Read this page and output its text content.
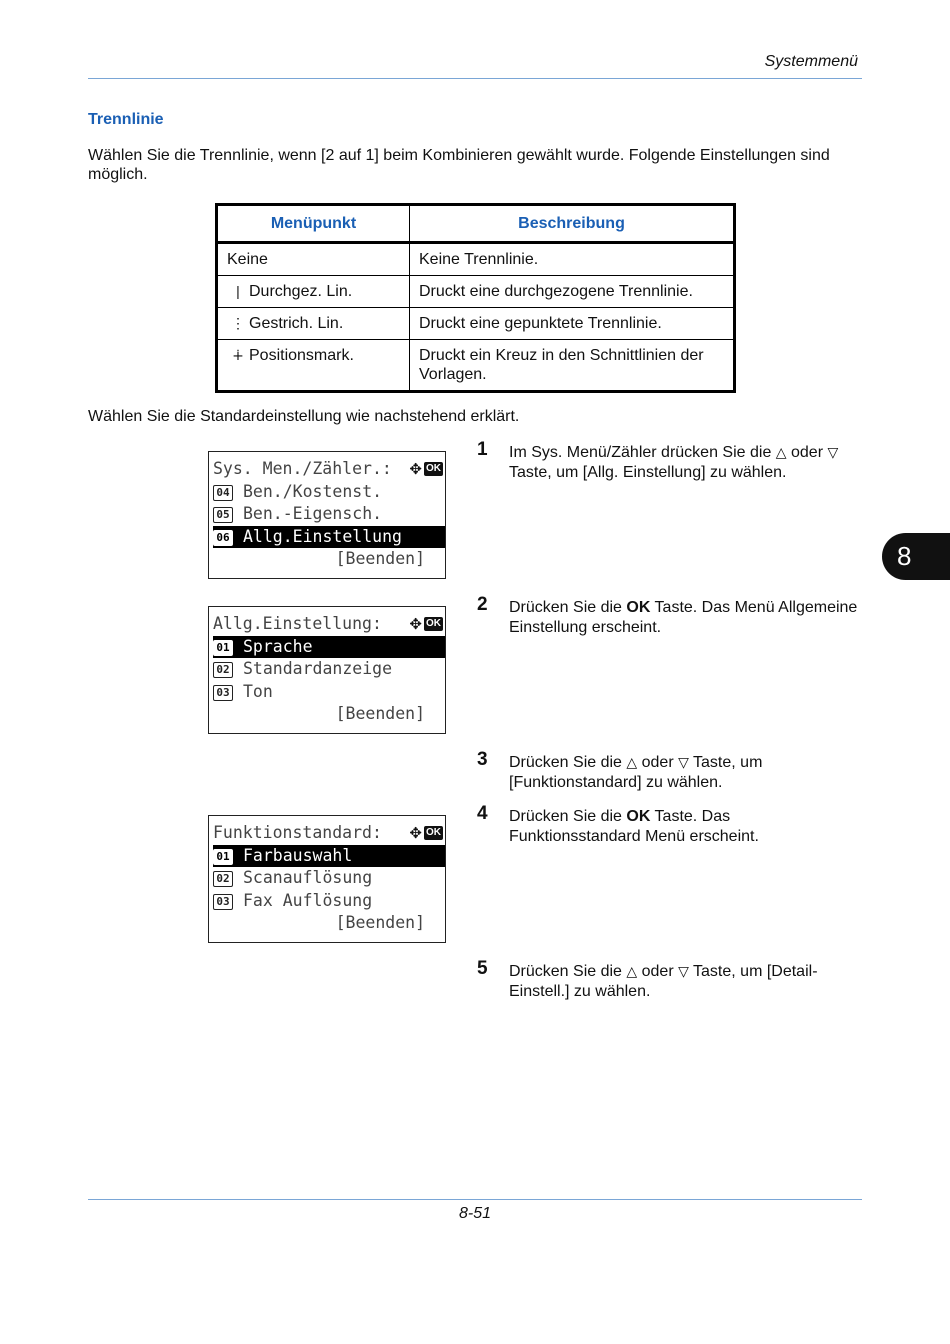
Systemmenü
Trennlinie
Wählen Sie die Trennlinie, wenn [2 auf 1] beim Kombinieren gewählt wurde. Folgende Einstellungen sind möglich.
Menüpunkt	Beschreibung
Keine	Keine Trennlinie.
| Durchgez. Lin.	Druckt eine durchgezogene Trennlinie.
⋮ Gestrich. Lin.	Druckt eine gepunktete Trennlinie.
∔ Positionsmark.	Druckt ein Kreuz in den Schnittlinien der Vorlagen.
Wählen Sie die Standardeinstellung wie nachstehend erklärt.
Sys. Men./Zähler.: ✥ OK
04 Ben./Kostenst.
05 Ben.-Eigensch.
06 Allg.Einstellung
[Beenden]
Allg.Einstellung: ✥ OK
01 Sprache
02 Standardanzeige
03 Ton
[Beenden]
Funktionstandard: ✥ OK
01 Farbauswahl
02 Scanauflösung
03 Fax Auflösung
[Beenden]
1 Im Sys. Menü/Zähler drücken Sie die △ oder ▽ Taste, um [Allg. Einstellung] zu wählen.
2 Drücken Sie die OK Taste. Das Menü Allgemeine Einstellung erscheint.
3 Drücken Sie die △ oder ▽ Taste, um [Funktionstandard] zu wählen.
4 Drücken Sie die OK Taste. Das Funktionsstandard Menü erscheint.
5 Drücken Sie die △ oder ▽ Taste, um [Detail-Einstell.] zu wählen.
8
8-51
